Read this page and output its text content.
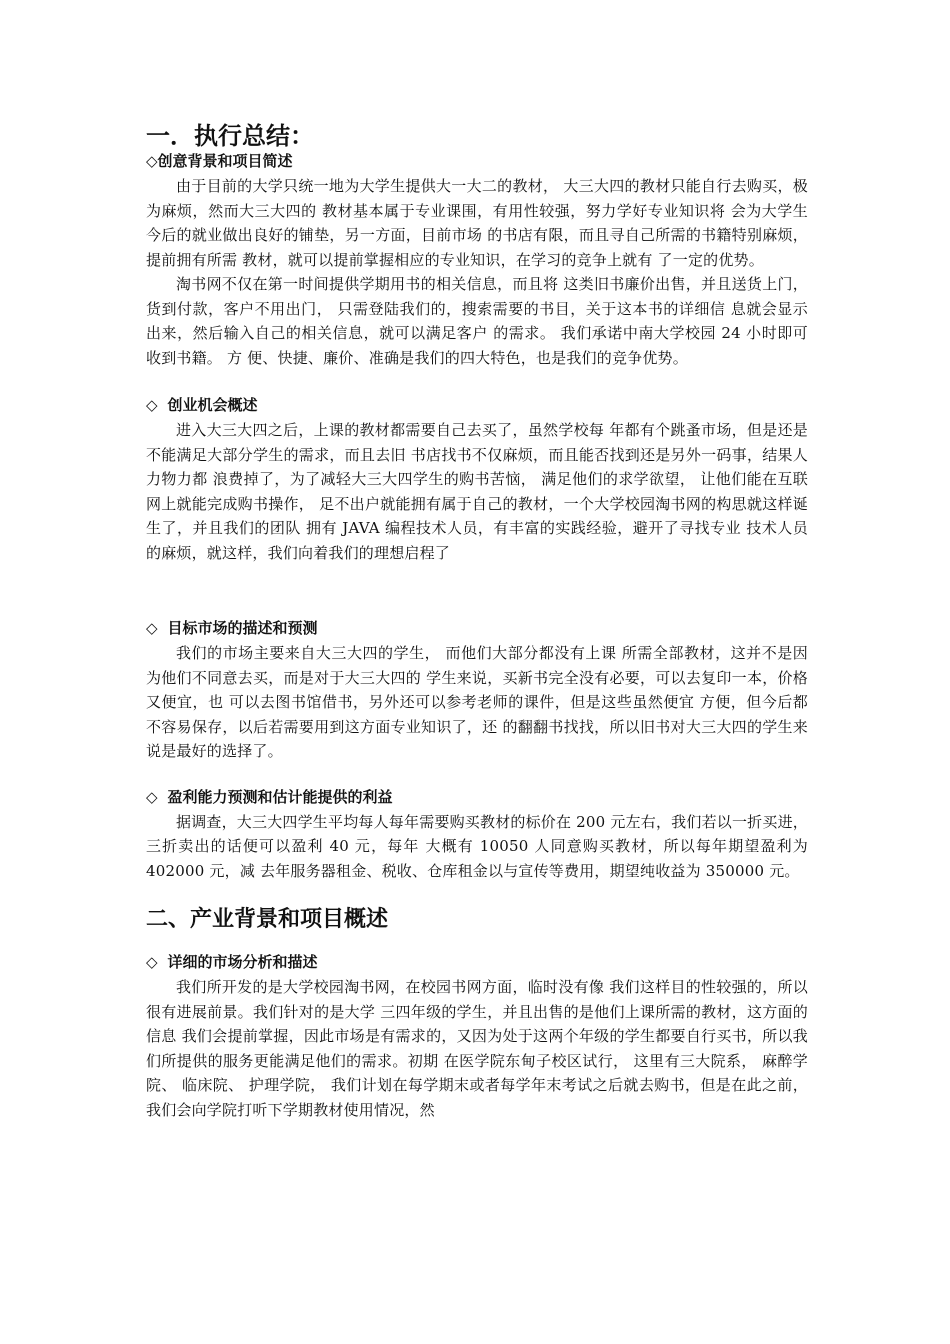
一．执行总结：
◇创意背景和项目简述

由于目前的大学只统一地为大学生提供大一大二的教材， 大三大四的教材只能自行去购买，极为麻烦，然而大三大四的 教材基本属于专业课围，有用性较强，努力学好专业知识将 会为大学生今后的就业做出良好的铺垫，另一方面，目前市场 的书店有限，而且寻自己所需的书籍特别麻烦，提前拥有所需 教材，就可以提前掌握相应的专业知识，在学习的竞争上就有 了一定的优势。

淘书网不仅在第一时间提供学期用书的相关信息，而且将 这类旧书廉价出售，并且送货上门，货到付款，客户不用出门， 只需登陆我们的，搜索需要的书目，关于这本书的详细信 息就会显示出来，然后输入自己的相关信息，就可以满足客户 的需求。 我们承诺中南大学校园 24 小时即可收到书籍。 方 便、快捷、廉价、准确是我们的四大特色，也是我们的竞争优势。

◇ 创业机会概述

进入大三大四之后，上课的教材都需要自己去买了，虽然学校每 年都有个跳蚤市场，但是还是不能满足大部分学生的需求，而且去旧 书店找书不仅麻烦，而且能否找到还是另外一码事，结果人力物力都 浪费掉了，为了减轻大三大四学生的购书苦恼， 满足他们的求学欲望， 让他们能在互联网上就能完成购书操作， 足不出户就能拥有属于自己的教材，一个大学校园淘书网的构思就这样诞生了，并且我们的团队 拥有 JAVA 编程技术人员，有丰富的实践经验，避开了寻找专业 技术人员的麻烦，就这样，我们向着我们的理想启程了

◇ 目标市场的描述和预测

我们的市场主要来自大三大四的学生， 而他们大部分都没有上课 所需全部教材，这并不是因为他们不同意去买，而是对于大三大四的 学生来说，买新书完全没有必要，可以去复印一本，价格又便宜，也 可以去图书馆借书，另外还可以参考老师的课件，但是这些虽然便宜 方便，但今后都不容易保存，以后若需要用到这方面专业知识了，还 的翻翻书找找，所以旧书对大三大四的学生来说是最好的选择了。

◇ 盈利能力预测和估计能提供的利益

据调查，大三大四学生平均每人每年需要购买教材的标价在 200 元左右，我们若以一折买进，三折卖出的话便可以盈利 40 元，每年 大概有 10050 人同意购买教材，所以每年期望盈利为 402000 元，减 去年服务器租金、税收、仓库租金以与宣传等费用，期望纯收益为 350000 元。

二、产业背景和项目概述
◇ 详细的市场分析和描述

我们所开发的是大学校园淘书网，在校园书网方面，临时没有像 我们这样目的性较强的，所以很有进展前景。我们针对的是大学 三四年级的学生，并且出售的是他们上课所需的教材，这方面的信息 我们会提前掌握，因此市场是有需求的，又因为处于这两个年级的学生都要自行买书，所以我们所提供的服务更能满足他们的需求。初期 在医学院东甸子校区试行， 这里有三大院系， 麻醉学院、 临床院、 护理学院， 我们计划在每学期末或者每学年末考试之后就去购书，但是在此之前，我们会向学院打听下学期教材使用情况，然
